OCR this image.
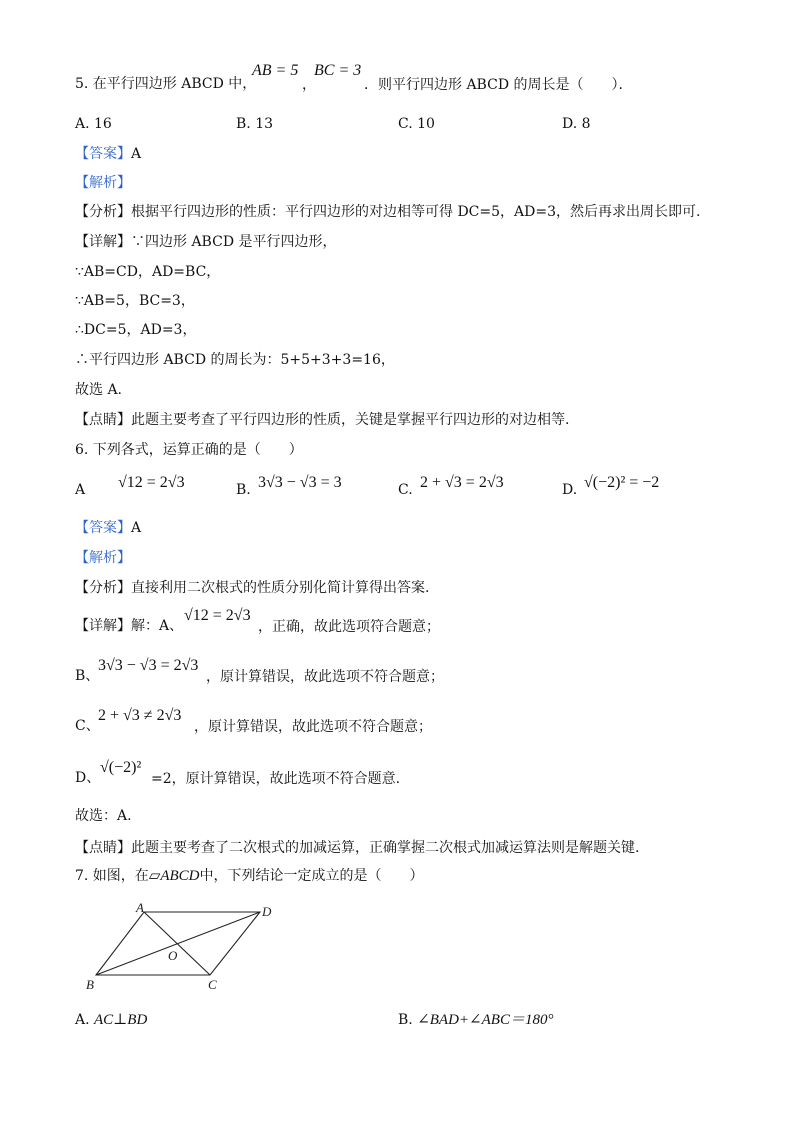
5. 在平行四边形 ABCD 中，
AB = 5
，
BC = 3
．则平行四边形 ABCD 的周长是（　　）．
A. 16	B. 13	C. 10	D. 8
【答案】A
【解析】
【分析】根据平行四边形的性质：平行四边形的对边相等可得 DC=5，AD=3，然后再求出周长即可.
【详解】∵四边形 ABCD 是平行四边形，
∵AB=CD，AD=BC，
∵AB=5，BC=3，
∴DC=5，AD=3，
∴平行四边形 ABCD 的周长为：5+5+3+3=16，
故选 A.
【点睛】此题主要考查了平行四边形的性质，关键是掌握平行四边形的对边相等.
6. 下列各式，运算正确的是（　　）
A √12 = 2√3	B. 3√3 − √3 = 3	C. 2 + √3 = 2√3	D. √(−2)² = −2
【答案】A
【解析】
【分析】直接利用二次根式的性质分别化简计算得出答案.
【详解】解：A、
√12 = 2√3
，正确，故此选项符合题意；
B、
3√3 − √3 = 2√3
，原计算错误，故此选项不符合题意；
C、
2 + √3 ≠ 2√3
，原计算错误，故此选项不符合题意；
D、
√(−2)²
=2，原计算错误，故此选项不符合题意.
故选：A.
【点睛】此题主要考查了二次根式的加减运算，正确掌握二次根式加减运算法则是解题关键.
7. 如图，在▱ABCD中，下列结论一定成立的是（　　）
A	D
B	C
O
A. AC⊥BD	B. ∠BAD+∠ABC＝180°
